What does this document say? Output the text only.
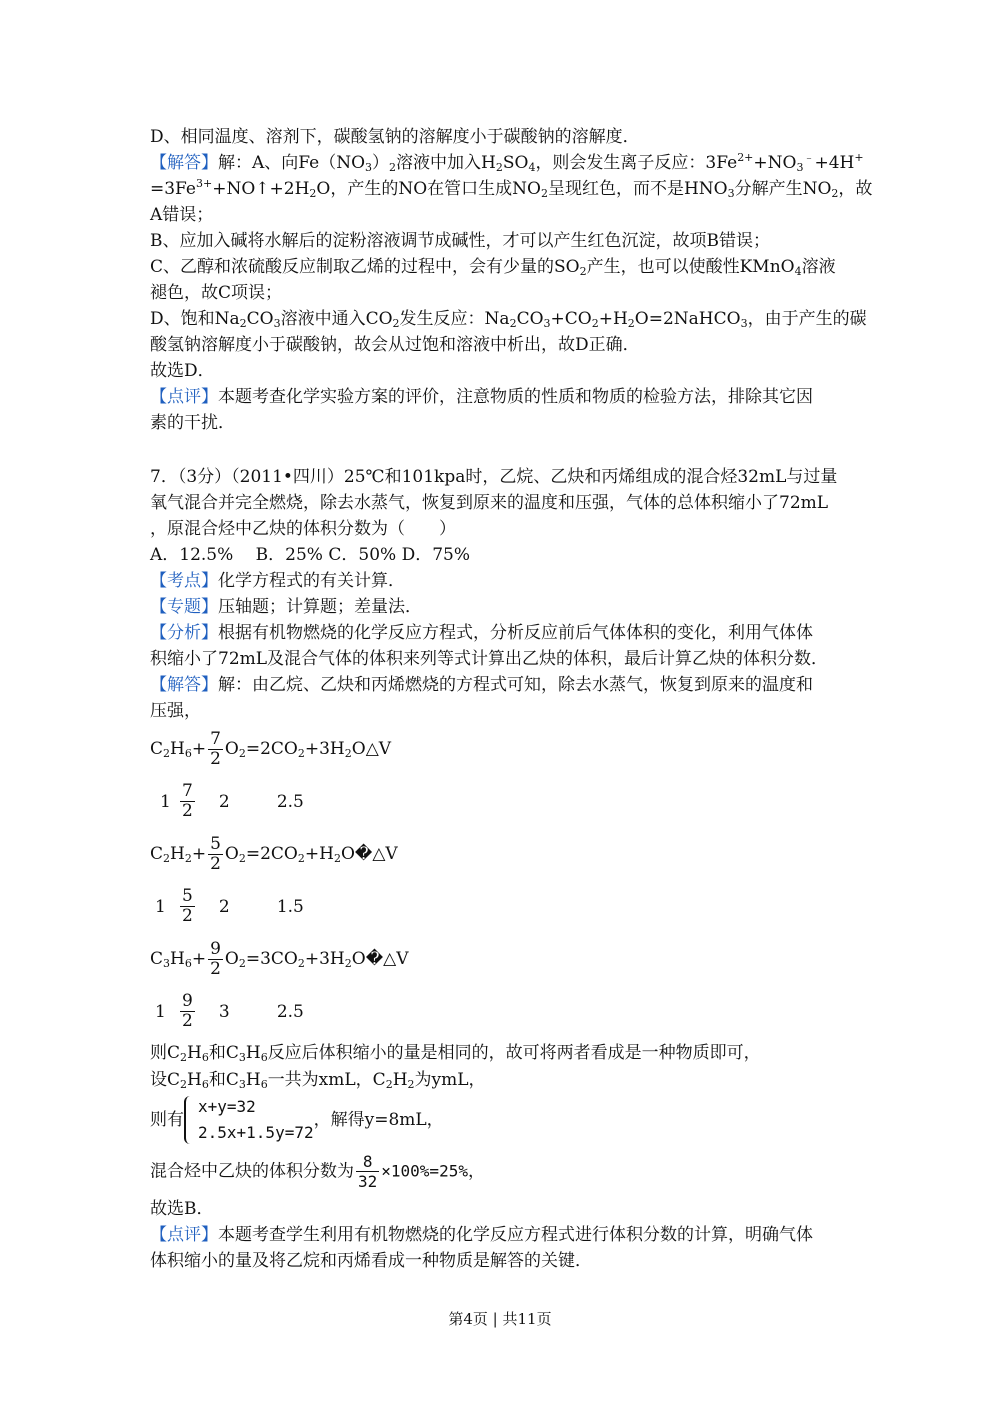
D、相同温度、溶剂下，碳酸氢钠的溶解度小于碳酸钠的溶解度．
【解答】解：A、向$Fe(NO_3)_2$溶液中加入$H_2SO_4$，则会发生离子反应：$3Fe^{2+}+NO_3^﹣+4H^+$
$=3Fe^{3+}+NO↑+2H_2O$，产生的NO在管口生成$NO_2$呈现红色，而不是$HNO_3$分解产生$NO_2$，故
A错误；
B、应加入碱将水解后的淀粉溶液调节成碱性，才可以产生红色沉淀，故项B错误；
C、乙醇和浓硫酸反应制取乙烯的过程中，会有少量的$SO_2$产生，也可以使酸性KMnO$_4$溶液
褪色，故C项误；
D、饱和$Na_2CO_3$溶液中通入$CO_2$发生反应：$Na_2CO_3+CO_2+H_2O=2NaHCO_3$，由于产生的碳
酸氢钠溶解度小于碳酸钠，故会从过饱和溶液中析出，故D正确．
故选D．
【点评】本题考查化学实验方案的评价，注意物质的性质和物质的检验方法，排除其它因
素的干扰．
7．（3分）（2011•四川）25℃和101kpa时，乙烷、乙炔和丙烯组成的混合烃32mL与过量
氧气混合并完全燃烧，除去水蒸气，恢复到原来的温度和压强，气体的总体积缩小了72mL
，原混合烃中乙炔的体积分数为（　　）
A．12.5%　 B．25% C．50% D．75%
【考点】化学方程式的有关计算．
【专题】压轴题；计算题；差量法．
【分析】根据有机物燃烧的化学反应方程式，分析反应前后气体体积的变化，利用气体体
积缩小了72mL及混合气体的体积来列等式计算出乙炔的体积，最后计算乙炔的体积分数．
【解答】解：由乙烷、乙炔和丙烯燃烧的方程式可知，除去水蒸气，恢复到原来的温度和
压强，
$C_2H_6+ \frac{7}{2}$ $O_2=2CO_2+3H_2O\triangle V$
$1 \frac{7}{2} 2$	2.5
$C_2H_2+ \frac{5}{2}$ $O_2=2CO_2+H_2O�\triangle V$
$1 \frac{5}{2} 2$	1.5
$C_3H_6+ \frac{9}{2}$ $O_2=3CO_2+3H_2O�\triangle V$
$1 \frac{9}{2} 3$	2.5
则$C_2H_6$和$C_3H_6$反应后体积缩小的量是相同的，故可将两者看成是一种物质即可，
设$C_2H_6$和$C_3H_6$一共为xmL，$C_2H_2$为ymL，
则有
x+y=32
2.5x+1.5y=72
，解得y=8mL，
混合烃中乙炔的体积分数为 $\frac{8}{32} \times 100\%=25\%$，
故选B．
【点评】本题考查学生利用有机物燃烧的化学反应方程式进行体积分数的计算，明确气体
体积缩小的量及将乙烷和丙烯看成一种物质是解答的关键．
第4页 | 共11页
